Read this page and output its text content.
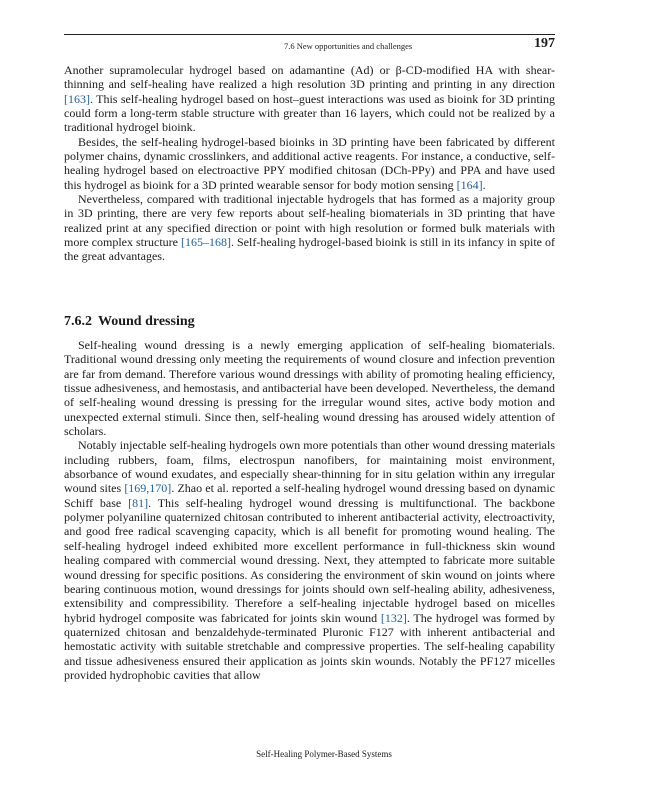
7.6 New opportunities and challenges	197

Another supramolecular hydrogel based on adamantine (Ad) or β-CD-modified HA with shear-thinning and self-healing have realized a high resolution 3D printing and printing in any direction [163]. This self-healing hydrogel based on host–guest interactions was used as bioink for 3D printing could form a long-term stable structure with greater than 16 layers, which could not be realized by a traditional hydrogel bioink.

Besides, the self-healing hydrogel-based bioinks in 3D printing have been fabricated by different polymer chains, dynamic crosslinkers, and additional active reagents. For instance, a conductive, self-healing hydrogel based on electroactive PPY modified chitosan (DCh-PPy) and PPA and have used this hydrogel as bioink for a 3D printed wearable sensor for body motion sensing [164].

Nevertheless, compared with traditional injectable hydrogels that has formed as a majority group in 3D printing, there are very few reports about self-healing biomaterials in 3D printing that have realized print at any specified direction or point with high resolution or formed bulk materials with more complex structure [165–168]. Self-healing hydrogel-based bioink is still in its infancy in spite of the great advantages.

7.6.2 Wound dressing

Self-healing wound dressing is a newly emerging application of self-healing biomaterials. Traditional wound dressing only meeting the requirements of wound closure and infection prevention are far from demand. Therefore various wound dressings with ability of promoting healing efficiency, tissue adhesiveness, and hemostasis, and antibacterial have been developed. Nevertheless, the demand of self-healing wound dressing is pressing for the irregular wound sites, active body motion and unexpected external stimuli. Since then, self-healing wound dressing has aroused widely attention of scholars.

Notably injectable self-healing hydrogels own more potentials than other wound dressing materials including rubbers, foam, films, electrospun nanofibers, for maintaining moist environment, absorbance of wound exudates, and especially shear-thinning for in situ gelation within any irregular wound sites [169,170]. Zhao et al. reported a self-healing hydrogel wound dressing based on dynamic Schiff base [81]. This self-healing hydrogel wound dressing is multifunctional. The backbone polymer polyaniline quaternized chitosan contributed to inherent antibacterial activity, electroactivity, and good free radical scavenging capacity, which is all benefit for promoting wound healing. The self-healing hydrogel indeed exhibited more excellent performance in full-thickness skin wound healing compared with commercial wound dressing. Next, they attempted to fabricate more suitable wound dressing for specific positions. As considering the environment of skin wound on joints where bearing continuous motion, wound dressings for joints should own self-healing ability, adhesiveness, extensibility and compressibility. Therefore a self-healing injectable hydrogel based on micelles hybrid hydrogel composite was fabricated for joints skin wound [132]. The hydrogel was formed by quaternized chitosan and benzaldehyde-terminated Pluronic F127 with inherent antibacterial and hemostatic activity with suitable stretchable and compressive properties. The self-healing capability and tissue adhesiveness ensured their application as joints skin wounds. Notably the PF127 micelles provided hydrophobic cavities that allow

Self-Healing Polymer-Based Systems
